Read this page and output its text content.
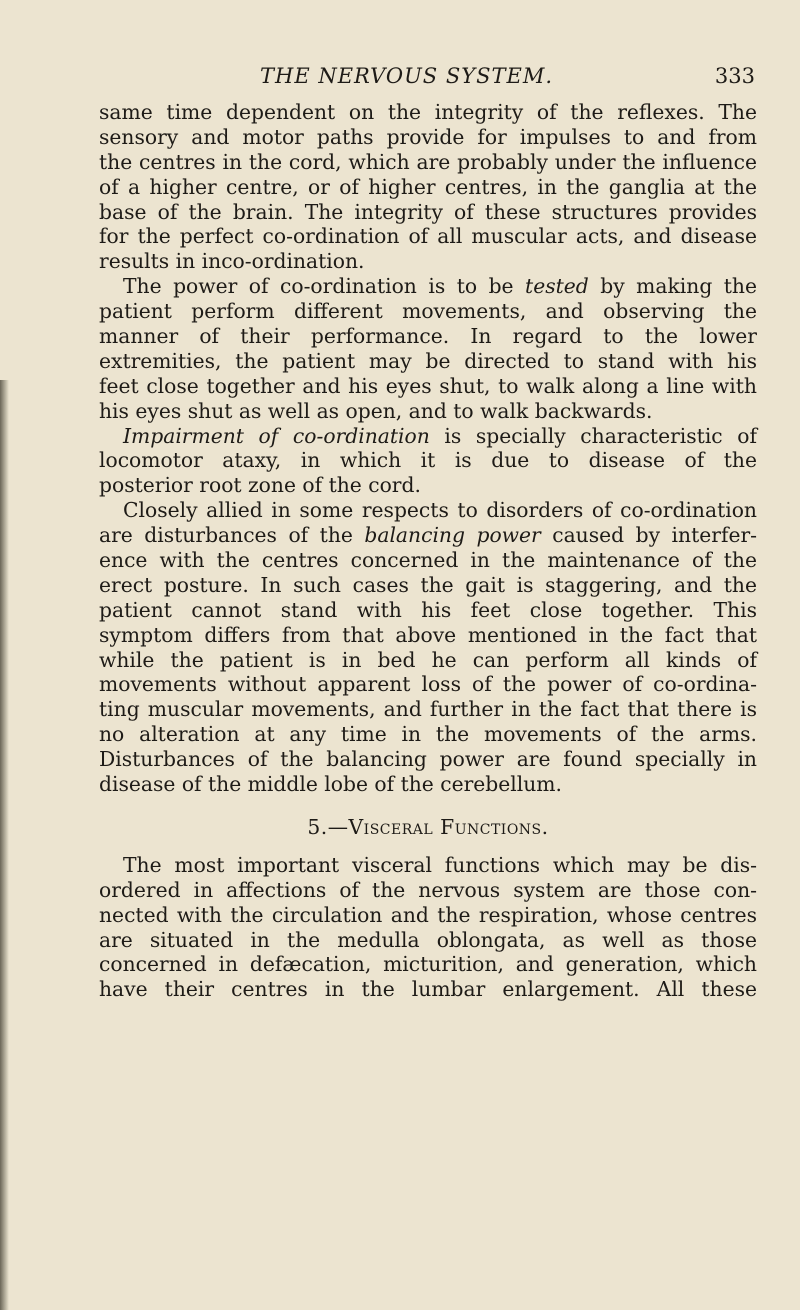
THE NERVOUS SYSTEM.	333
same time dependent on the integrity of the reflexes. The
sensory and motor paths provide for impulses to and from
the centres in the cord, which are probably under the influence
of a higher centre, or of higher centres, in the ganglia at the
base of the brain. The integrity of these structures provides
for the perfect co-ordination of all muscular acts, and disease
results in inco-ordination.
The power of co-ordination is to be tested by making the
patient perform different movements, and observing the
manner of their performance. In regard to the lower
extremities, the patient may be directed to stand with his
feet close together and his eyes shut, to walk along a line with
his eyes shut as well as open, and to walk backwards.
Impairment of co-ordination is specially characteristic of
locomotor ataxy, in which it is due to disease of the
posterior root zone of the cord.
Closely allied in some respects to disorders of co-ordination
are disturbances of the balancing power caused by interfer-
ence with the centres concerned in the maintenance of the
erect posture. In such cases the gait is staggering, and the
patient cannot stand with his feet close together. This
symptom differs from that above mentioned in the fact that
while the patient is in bed he can perform all kinds of
movements without apparent loss of the power of co-ordina-
ting muscular movements, and further in the fact that there is
no alteration at any time in the movements of the arms.
Disturbances of the balancing power are found specially in
disease of the middle lobe of the cerebellum.
5.—Visceral Functions.
The most important visceral functions which may be dis-
ordered in affections of the nervous system are those con-
nected with the circulation and the respiration, whose centres
are situated in the medulla oblongata, as well as those
concerned in defæcation, micturition, and generation, which
have their centres in the lumbar enlargement. All these
